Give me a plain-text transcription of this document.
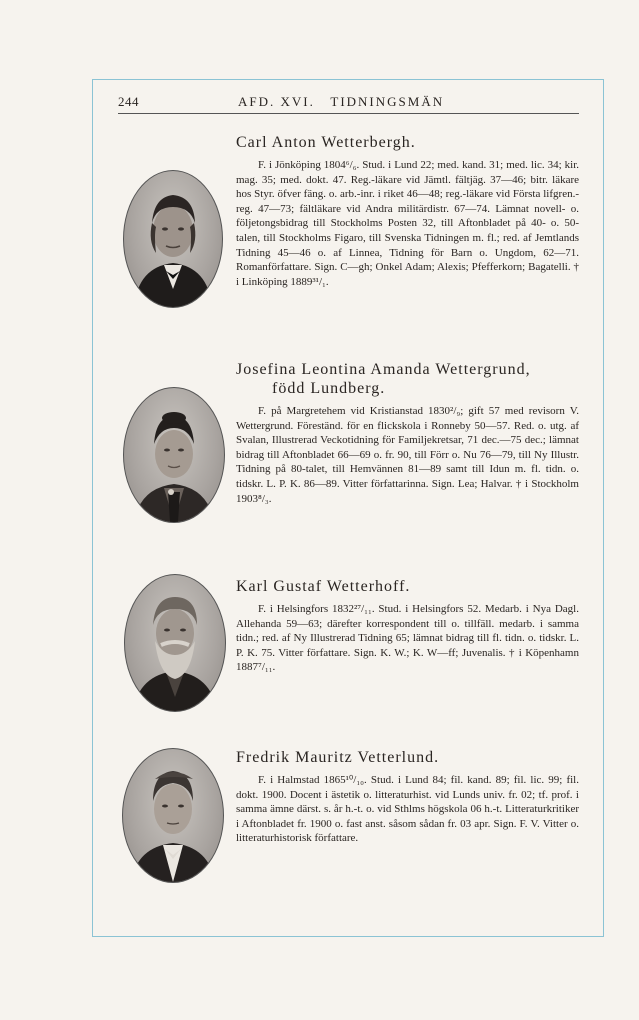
244	AFD. XVI.   TIDNINGSMÄN
Carl Anton Wetterbergh.
F. i Jönköping 1804⁶/₆. Stud. i Lund 22; med. kand. 31; med. lic. 34; kir. mag. 35; med. dokt. 47. Reg.-läkare vid Jämtl. fältjäg. 37—46; bitr. läkare hos Styr. öfver fäng. o. arb.-inr. i riket 46—48; reg.-läkare vid Första lifgren.-reg. 47—73; fältläkare vid Andra militärdistr. 67—74. Lämnat novell- o. följetongsbidrag till Stockholms Posten 32, till Aftonbladet på 40- o. 50-talen, till Stockholms Figaro, till Svenska Tidningen m. fl.; red. af Jemtlands Tidning 45—46 o. af Linnea, Tidning för Barn o. Ungdom, 62—71. Romanförfattare. Sign. C—gh; Onkel Adam; Alexis; Pfefferkorn; Bagatelli. † i Linköping 1889³¹/₁.
Josefina Leontina Amanda Wettergrund,
född Lundberg.
F. på Margretehem vid Kristianstad 1830²/₉; gift 57 med revisorn V. Wettergrund. Föreständ. för en flickskola i Ronneby 50—57. Red. o. utg. af Svalan, Illustrerad Veckotidning för Familjekretsar, 71 dec.—75 dec.; lämnat bidrag till Aftonbladet 66—69 o. fr. 90, till Förr o. Nu 76—79, till Ny Illustr. Tidning på 80-talet, till Hemvännen 81—89 samt till Idun m. fl. tidn. o. tidskr. L. P. K. 86—89. Vitter författarinna. Sign. Lea; Halvar. † i Stockholm 1903⁸/₃.
Karl Gustaf Wetterhoff.
F. i Helsingfors 1832²⁷/₁₁. Stud. i Helsingfors 52. Medarb. i Nya Dagl. Allehanda 59—63; därefter korrespondent till o. tillfäll. medarb. i samma tidn.; red. af Ny Illustrerad Tidning 65; lämnat bidrag till fl. tidn. o. tidskr. L. P. K. 75. Vitter författare. Sign. K. W.; K. W—ff; Juvenalis. † i Köpenhamn 1887⁷/₁₁.
Fredrik Mauritz Vetterlund.
F. i Halmstad 1865¹⁰/₁₀. Stud. i Lund 84; fil. kand. 89; fil. lic. 99; fil. dokt. 1900. Docent i ästetik o. litteraturhist. vid Lunds univ. fr. 02; tf. prof. i samma ämne därst. s. år h.-t. o. vid Sthlms högskola 06 h.-t. Litteraturkritiker i Aftonbladet fr. 1900 o. fast anst. såsom sådan fr. 03 apr. Sign. F. V. Vitter o. litteraturhistorisk författare.
